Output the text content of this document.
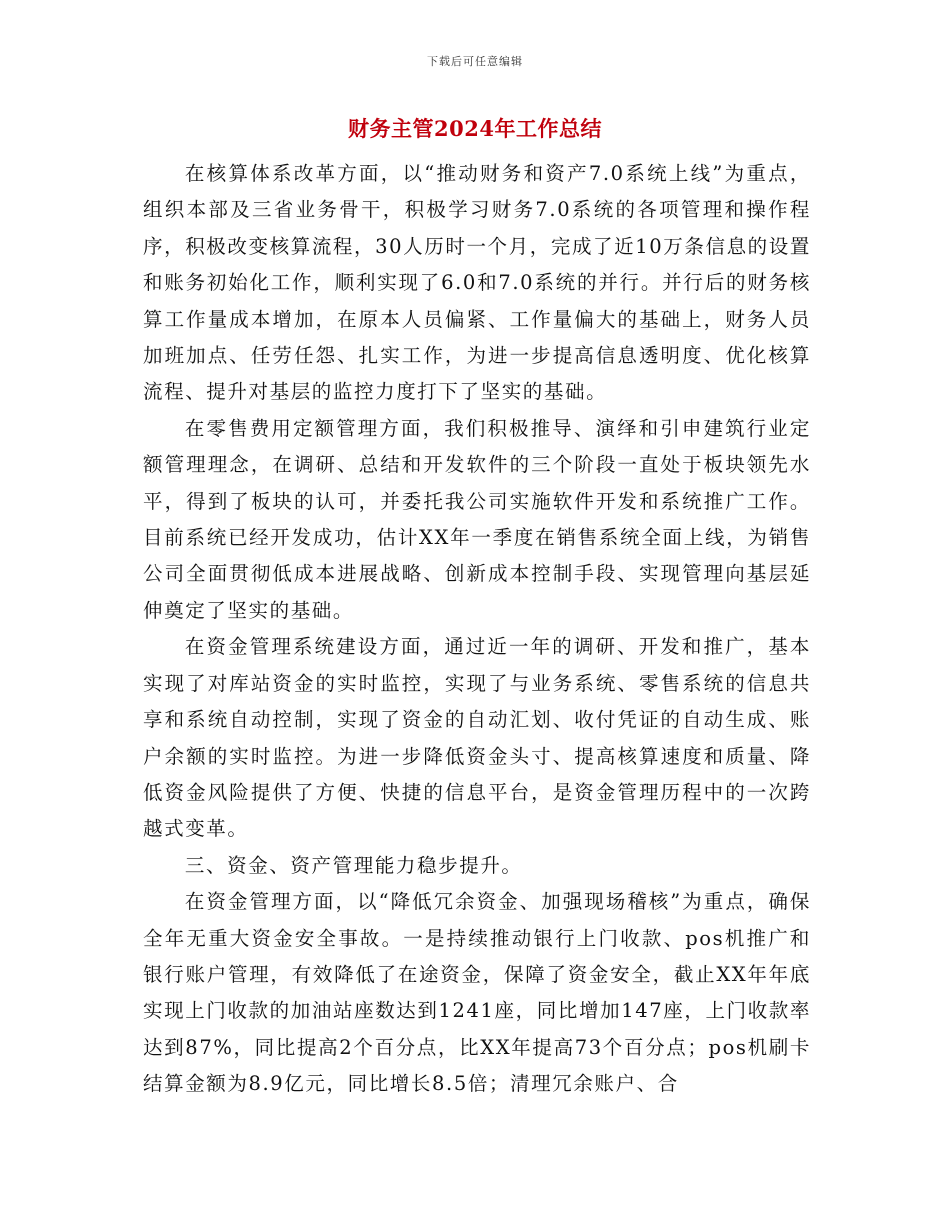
下载后可任意编辑
财务主管2024年工作总结

在核算体系改革方面，以“推动财务和资产7.0系统上线”为重点，组织本部及三省业务骨干，积极学习财务7.0系统的各项管理和操作程序，积极改变核算流程，30人历时一个月，完成了近10万条信息的设置和账务初始化工作，顺利实现了6.0和7.0系统的并行。并行后的财务核算工作量成本增加，在原本人员偏紧、工作量偏大的基础上，财务人员加班加点、任劳任怨、扎实工作，为进一步提高信息透明度、优化核算流程、提升对基层的监控力度打下了坚实的基础。

在零售费用定额管理方面，我们积极推导、演绎和引申建筑行业定额管理理念，在调研、总结和开发软件的三个阶段一直处于板块领先水平，得到了板块的认可，并委托我公司实施软件开发和系统推广工作。目前系统已经开发成功，估计XX年一季度在销售系统全面上线，为销售公司全面贯彻低成本进展战略、创新成本控制手段、实现管理向基层延伸奠定了坚实的基础。

在资金管理系统建设方面，通过近一年的调研、开发和推广，基本实现了对库站资金的实时监控，实现了与业务系统、零售系统的信息共享和系统自动控制，实现了资金的自动汇划、收付凭证的自动生成、账户余额的实时监控。为进一步降低资金头寸、提高核算速度和质量、降低资金风险提供了方便、快捷的信息平台，是资金管理历程中的一次跨越式变革。

三、资金、资产管理能力稳步提升。

在资金管理方面，以“降低冗余资金、加强现场稽核”为重点，确保全年无重大资金安全事故。一是持续推动银行上门收款、pos机推广和银行账户管理，有效降低了在途资金，保障了资金安全，截止XX年年底实现上门收款的加油站座数达到1241座，同比增加147座，上门收款率达到87%，同比提高2个百分点，比XX年提高73个百分点；pos机刷卡结算金额为8.9亿元，同比增长8.5倍；清理冗余账户、合
